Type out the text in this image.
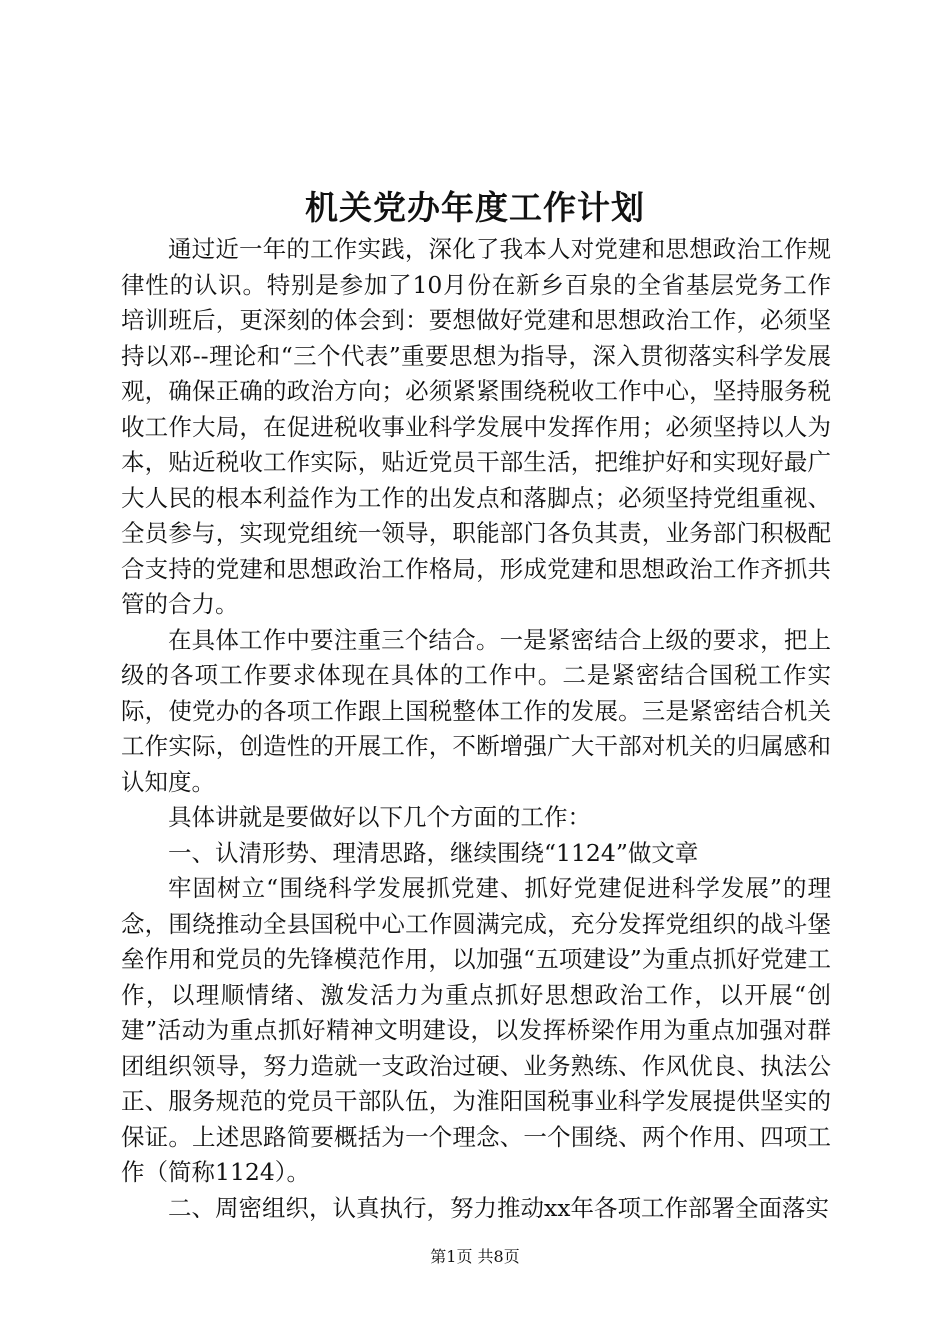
机关党办年度工作计划

通过近一年的工作实践，深化了我本人对党建和思想政治工作规律性的认识。特别是参加了10月份在新乡百泉的全省基层党务工作培训班后，更深刻的体会到：要想做好党建和思想政治工作，必须坚持以邓--理论和“三个代表”重要思想为指导，深入贯彻落实科学发展观，确保正确的政治方向；必须紧紧围绕税收工作中心，坚持服务税收工作大局，在促进税收事业科学发展中发挥作用；必须坚持以人为本，贴近税收工作实际，贴近党员干部生活，把维护好和实现好最广大人民的根本利益作为工作的出发点和落脚点；必须坚持党组重视、全员参与，实现党组统一领导，职能部门各负其责，业务部门积极配合支持的党建和思想政治工作格局，形成党建和思想政治工作齐抓共管的合力。

在具体工作中要注重三个结合。一是紧密结合上级的要求，把上级的各项工作要求体现在具体的工作中。二是紧密结合国税工作实际，使党办的各项工作跟上国税整体工作的发展。三是紧密结合机关工作实际，创造性的开展工作，不断增强广大干部对机关的归属感和认知度。

具体讲就是要做好以下几个方面的工作：

一、认清形势、理清思路，继续围绕“1124”做文章

牢固树立“围绕科学发展抓党建、抓好党建促进科学发展”的理念，围绕推动全县国税中心工作圆满完成，充分发挥党组织的战斗堡垒作用和党员的先锋模范作用，以加强“五项建设”为重点抓好党建工作，以理顺情绪、激发活力为重点抓好思想政治工作，以开展“创建”活动为重点抓好精神文明建设，以发挥桥梁作用为重点加强对群团组织领导，努力造就一支政治过硬、业务熟练、作风优良、执法公正、服务规范的党员干部队伍，为淮阳国税事业科学发展提供坚实的保证。上述思路简要概括为一个理念、一个围绕、两个作用、四项工作（简称1124）。

二、周密组织，认真执行，努力推动xx年各项工作部署全面落实

第1页 共8页
